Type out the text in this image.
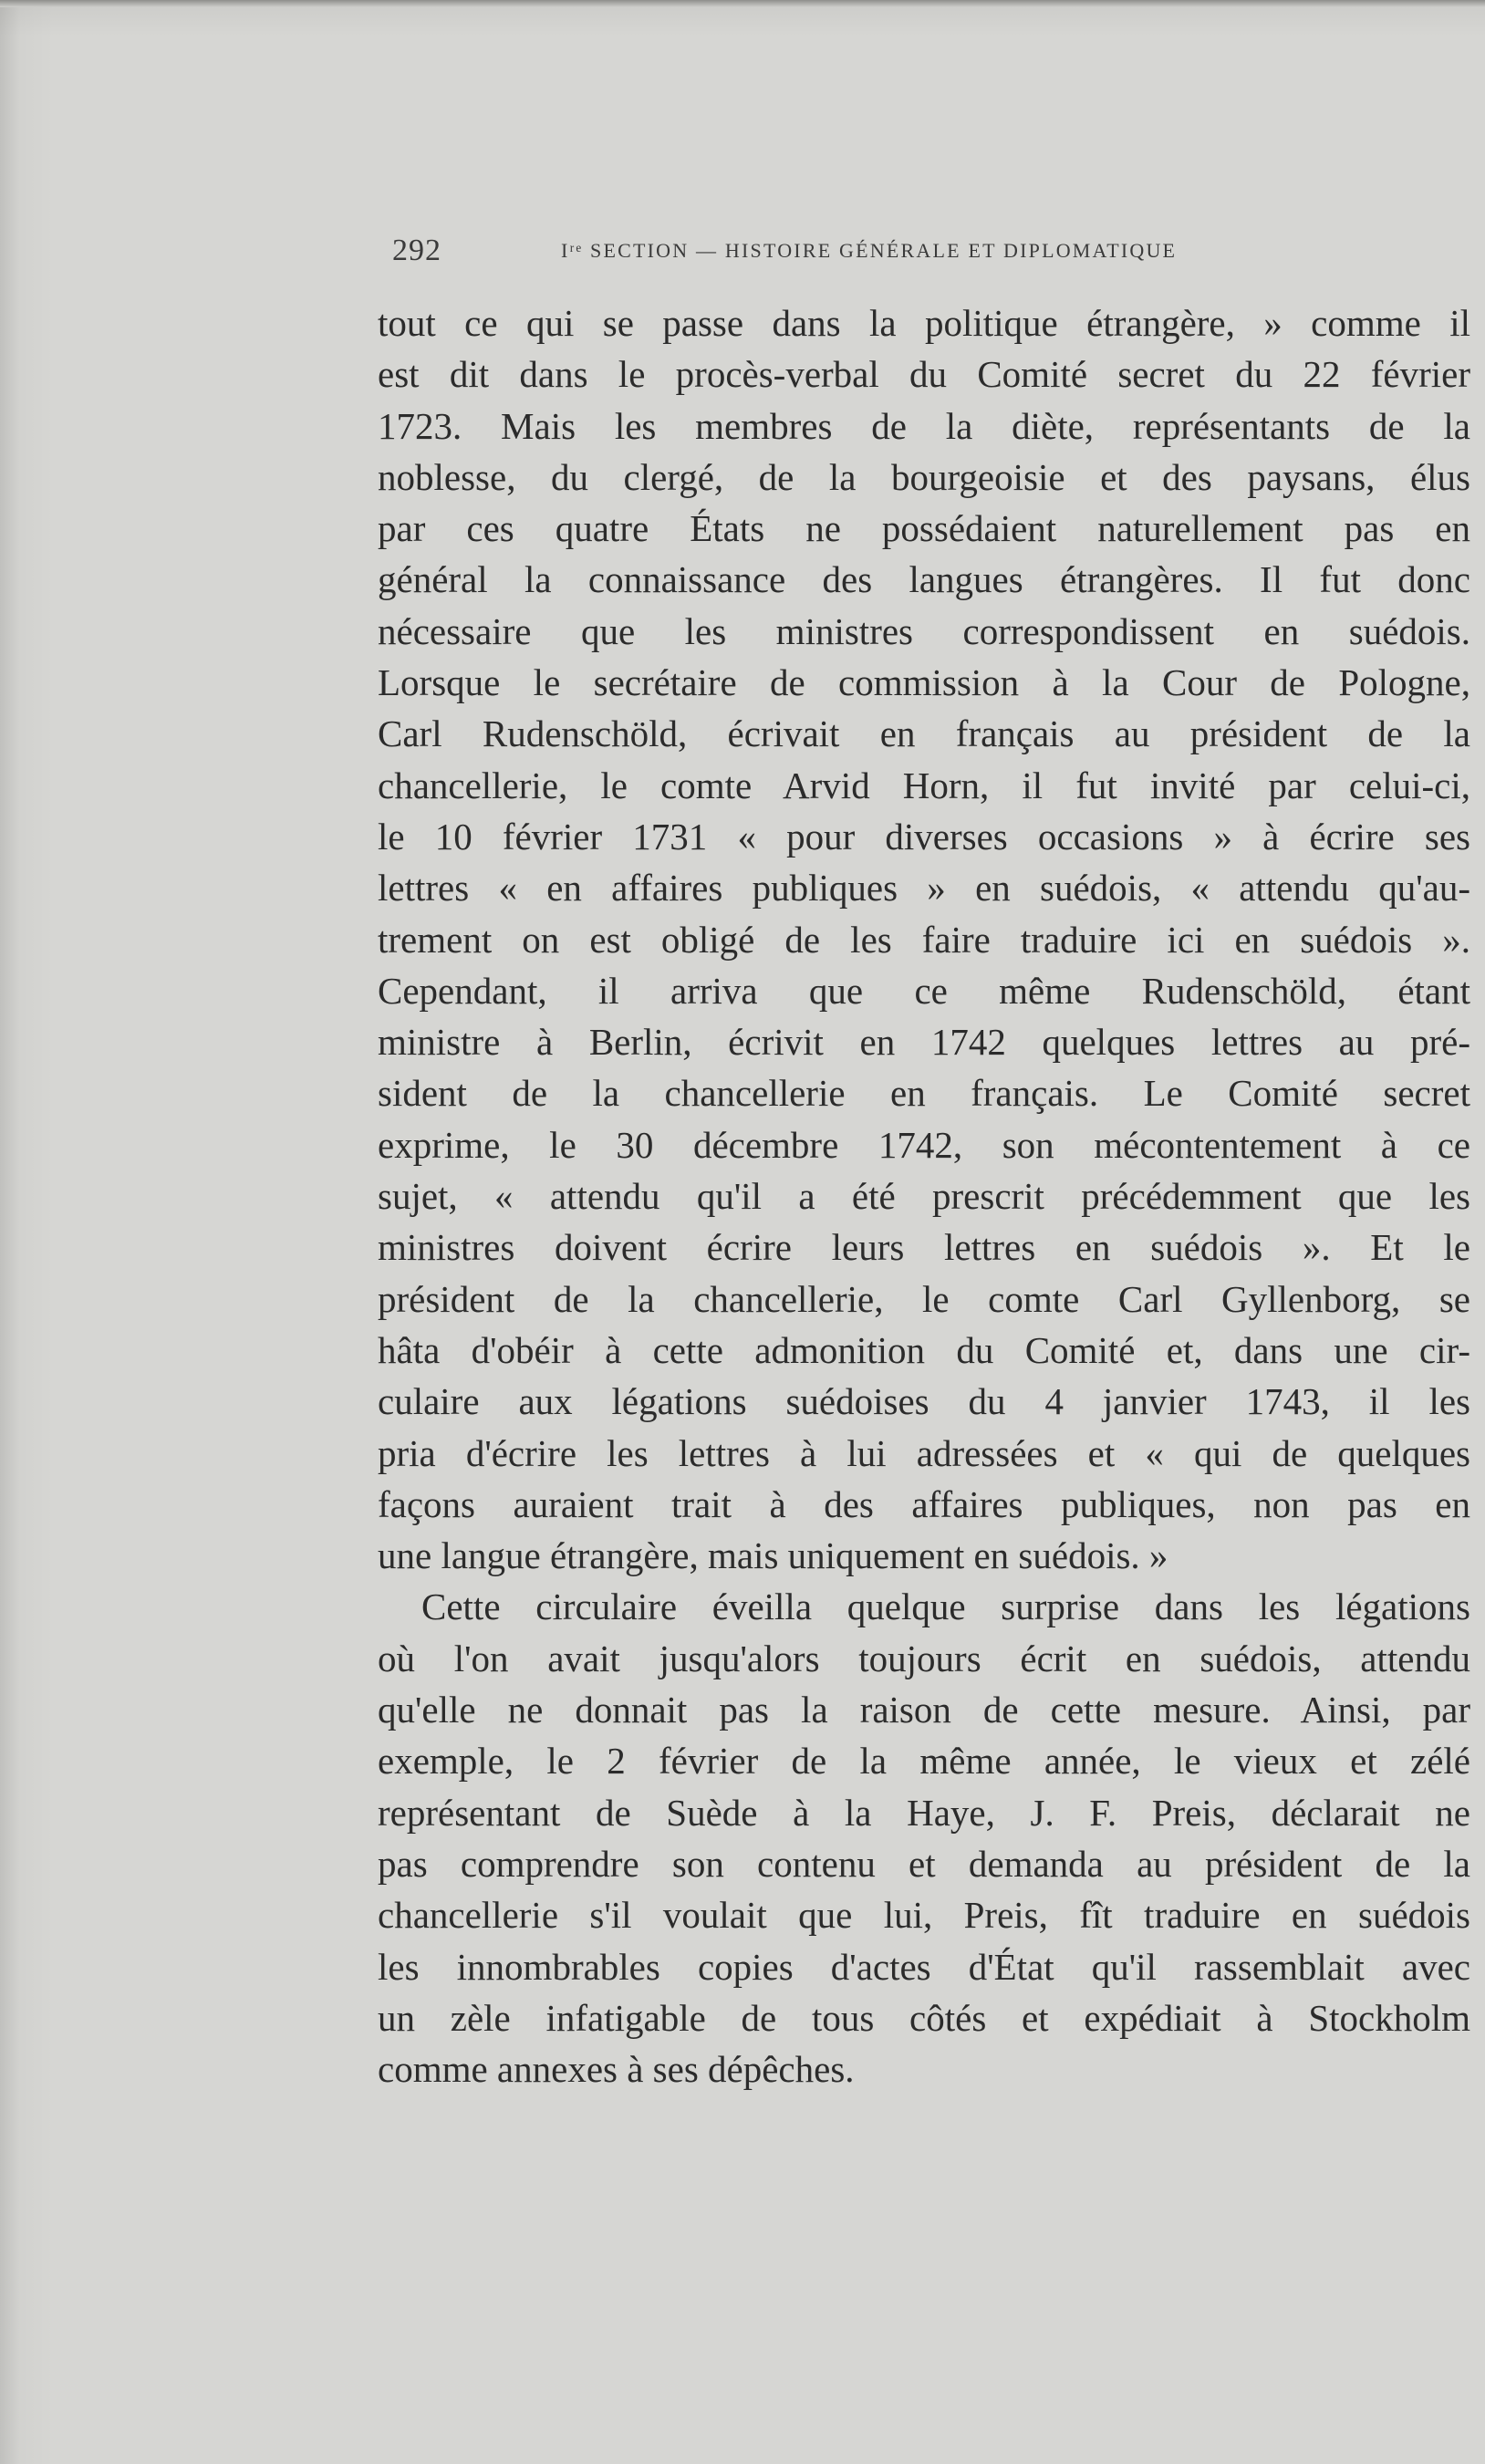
292	Iʳᵉ SECTION — HISTOIRE GÉNÉRALE ET DIPLOMATIQUE

tout ce qui se passe dans la politique étrangère, » comme il

est dit dans le procès-verbal du Comité secret du 22 février

1723. Mais les membres de la diète, représentants de la

noblesse, du clergé, de la bourgeoisie et des paysans, élus

par ces quatre États ne possédaient naturellement pas en

général la connaissance des langues étrangères. Il fut donc

nécessaire que les ministres correspondissent en suédois.

Lorsque le secrétaire de commission à la Cour de Pologne,

Carl Rudenschöld, écrivait en français au président de la

chancellerie, le comte Arvid Horn, il fut invité par celui-ci,

le 10 février 1731 « pour diverses occasions » à écrire ses

lettres « en affaires publiques » en suédois, « attendu qu'au-

trement on est obligé de les faire traduire ici en suédois ».

Cependant, il arriva que ce même Rudenschöld, étant

ministre à Berlin, écrivit en 1742 quelques lettres au pré-

sident de la chancellerie en français. Le Comité secret

exprime, le 30 décembre 1742, son mécontentement à ce

sujet, « attendu qu'il a été prescrit précédemment que les

ministres doivent écrire leurs lettres en suédois ». Et le

président de la chancellerie, le comte Carl Gyllenborg, se

hâta d'obéir à cette admonition du Comité et, dans une cir-

culaire aux légations suédoises du 4 janvier 1743, il les

pria d'écrire les lettres à lui adressées et « qui de quelques

façons auraient trait à des affaires publiques, non pas en

une langue étrangère, mais uniquement en suédois. »

Cette circulaire éveilla quelque surprise dans les légations

où l'on avait jusqu'alors toujours écrit en suédois, attendu

qu'elle ne donnait pas la raison de cette mesure. Ainsi, par

exemple, le 2 février de la même année, le vieux et zélé

représentant de Suède à la Haye, J. F. Preis, déclarait ne

pas comprendre son contenu et demanda au président de la

chancellerie s'il voulait que lui, Preis, fît traduire en suédois

les innombrables copies d'actes d'État qu'il rassemblait avec

un zèle infatigable de tous côtés et expédiait à Stockholm

comme annexes à ses dépêches.
